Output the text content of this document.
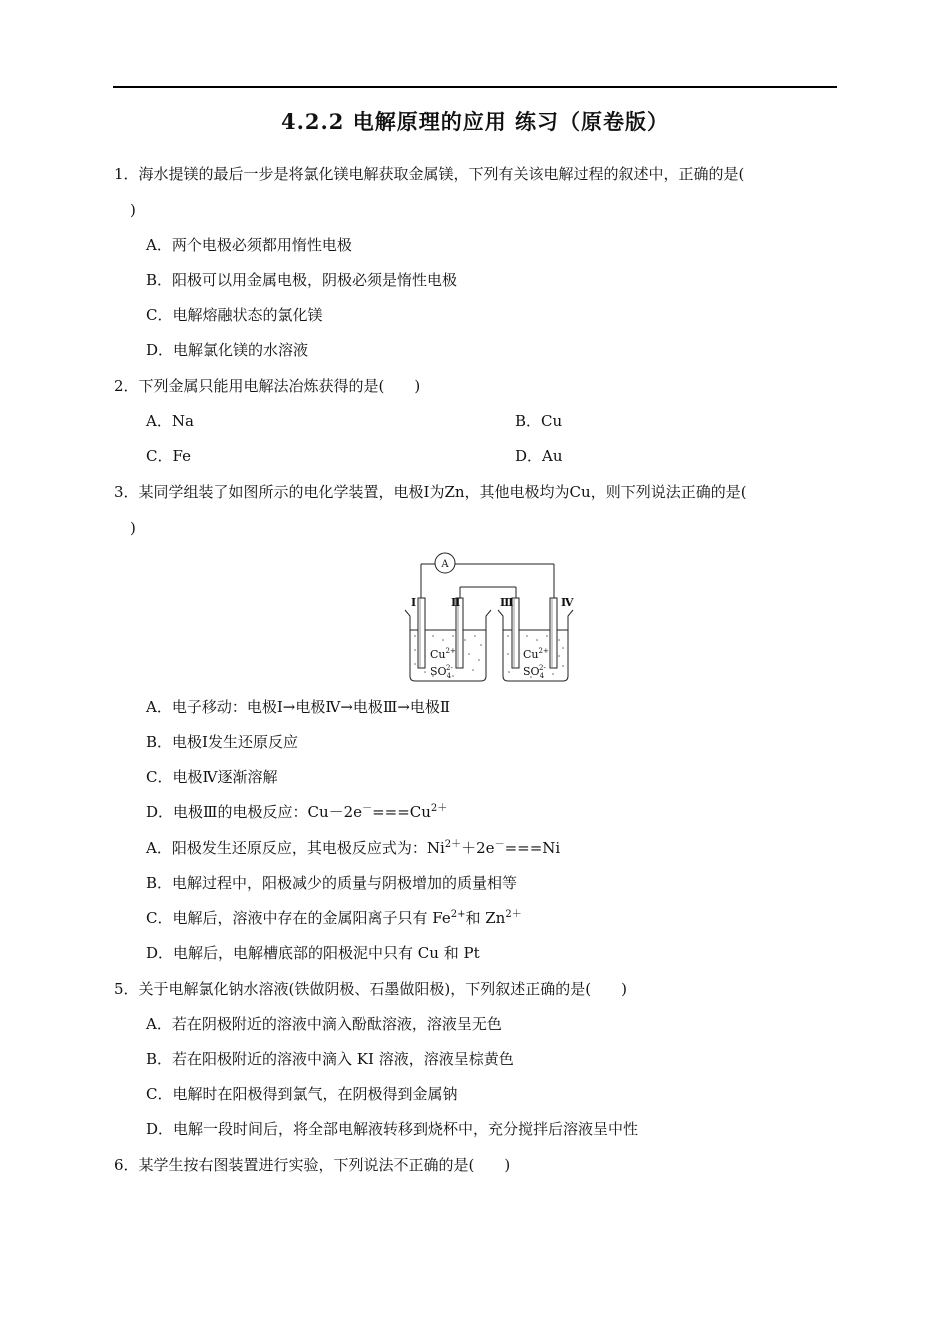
4.2.2 电解原理的应用 练习（原卷版）
1．海水提镁的最后一步是将氯化镁电解获取金属镁，下列有关该电解过程的叙述中，正确的是(
)
A．两个电极必须都用惰性电极
B．阳极可以用金属电极，阴极必须是惰性电极
C．电解熔融状态的氯化镁
D．电解氯化镁的水溶液
2．下列金属只能用电解法冶炼获得的是(　　)
A．Na	B．Cu
C．Fe	D．Au
3．某同学组装了如图所示的电化学装置，电极Ⅰ为Zn，其他电极均为Cu，则下列说法正确的是(
)
A
Ⅰ	Ⅱ	Ⅲ	Ⅳ
$Cu^{2+}$
$SO_42-$
$Cu^{2+}$
$SO_42-$
A．电子移动：电极Ⅰ→电极Ⅳ→电极Ⅲ→电极Ⅱ
B．电极Ⅰ发生还原反应
C．电极Ⅳ逐渐溶解
D．电极Ⅲ的电极反应：$Cu-2e^-===Cu^{2+}$
A．阳极发生还原反应，其电极反应式为：$Ni^{2+}+2e^-===Ni$
B．电解过程中，阳极减少的质量与阴极增加的质量相等
C．电解后，溶液中存在的金属阳离子只有 $Fe^{2+}$和 $Zn^{2+}$
D．电解后，电解槽底部的阳极泥中只有 Cu 和 Pt
5．关于电解氯化钠水溶液(铁做阴极、石墨做阳极)，下列叙述正确的是(　　)
A．若在阴极附近的溶液中滴入酚酞溶液，溶液呈无色
B．若在阳极附近的溶液中滴入 KI 溶液，溶液呈棕黄色
C．电解时在阳极得到氯气，在阴极得到金属钠
D．电解一段时间后，将全部电解液转移到烧杯中，充分搅拌后溶液呈中性
6．某学生按右图装置进行实验，下列说法不正确的是(　　)
